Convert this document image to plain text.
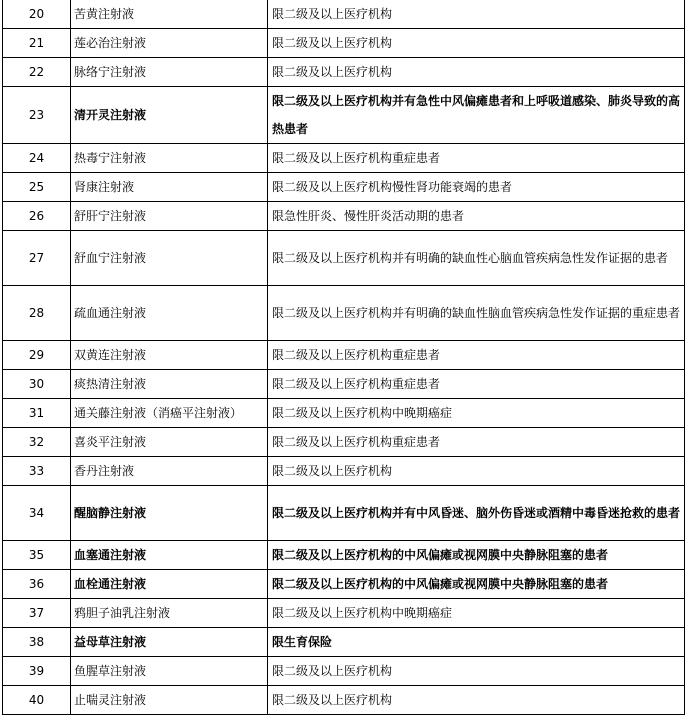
20	苦黄注射液	限二级及以上医疗机构
21	莲必治注射液	限二级及以上医疗机构
22	脉络宁注射液	限二级及以上医疗机构
23	清开灵注射液	限二级及以上医疗机构并有急性中风偏瘫患者和上呼吸道感染、肺炎导致的高热患者
24	热毒宁注射液	限二级及以上医疗机构重症患者
25	肾康注射液	限二级及以上医疗机构慢性肾功能衰竭的患者
26	舒肝宁注射液	限急性肝炎、慢性肝炎活动期的患者
27	舒血宁注射液	限二级及以上医疗机构并有明确的缺血性心脑血管疾病急性发作证据的患者
28	疏血通注射液	限二级及以上医疗机构并有明确的缺血性脑血管疾病急性发作证据的重症患者
29	双黄连注射液	限二级及以上医疗机构重症患者
30	痰热清注射液	限二级及以上医疗机构重症患者
31	通关藤注射液（消癌平注射液）	限二级及以上医疗机构中晚期癌症
32	喜炎平注射液	限二级及以上医疗机构重症患者
33	香丹注射液	限二级及以上医疗机构
34	醒脑静注射液	限二级及以上医疗机构并有中风昏迷、脑外伤昏迷或酒精中毒昏迷抢救的患者
35	血塞通注射液	限二级及以上医疗机构的中风偏瘫或视网膜中央静脉阻塞的患者
36	血栓通注射液	限二级及以上医疗机构的中风偏瘫或视网膜中央静脉阻塞的患者
37	鸦胆子油乳注射液	限二级及以上医疗机构中晚期癌症
38	益母草注射液	限生育保险
39	鱼腥草注射液	限二级及以上医疗机构
40	止喘灵注射液	限二级及以上医疗机构
